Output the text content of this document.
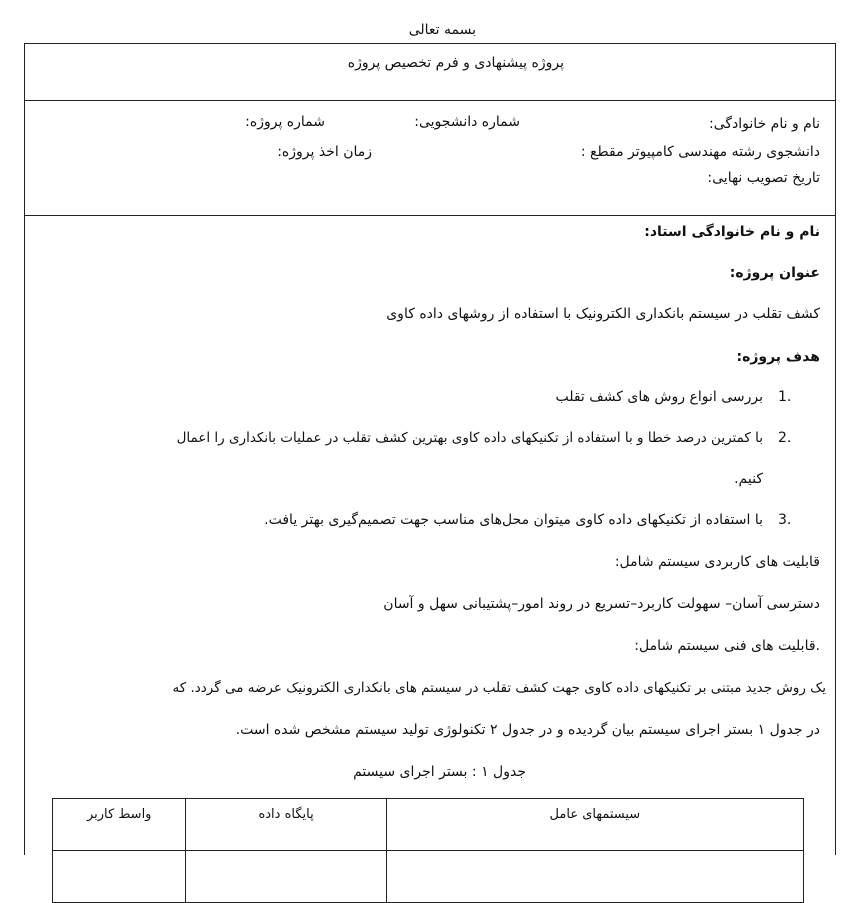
بسمه تعالی
پروژه پیشنهادی و فرم تخصیص پروژه
نام و نام خانوادگی:
شماره دانشجویی:
شماره پروژه:
دانشجوی رشته مهندسی کامپیوتر مقطع :
زمان اخذ پروژه:
تاریخ تصویب نهایی:
نام و نام خانوادگی استاد:
عنوان پروژه:
کشف تقلب در سیستم بانکداری الکترونیک با استفاده از روشهای داده کاوی
هدف پروژه:
1.
بررسی انواع روش های کشف تقلب
2.
با کمترین درصد خطا و با استفاده از تکنیکهای داده کاوی بهترین کشف تقلب در عملیات بانکداری را اعمال
کنیم.
3.
با استفاده از تکنیکهای داده کاوی میتوان محل‌های مناسب جهت تصمیم‌گیری بهتر یافت.
قابلیت های کاربردی سیستم شامل:
دسترسی آسان– سهولت کاربرد–تسریع در روند امور–پشتیبانی سهل و آسان
.قابلیت های فنی سیستم شامل:
یک روش جدید مبتنی بر تکنیکهای داده کاوی جهت کشف تقلب در سیستم های بانکداری الکترونیک عرضه می گردد. که
در جدول ۱ بستر اجرای سیستم بیان گردیده و در جدول ۲ تکنولوژی تولید سیستم مشخص شده است.
جدول ۱ : بستر اجرای سیستم
سیستمهای عامل	پایگاه داده	واسط کاربر
